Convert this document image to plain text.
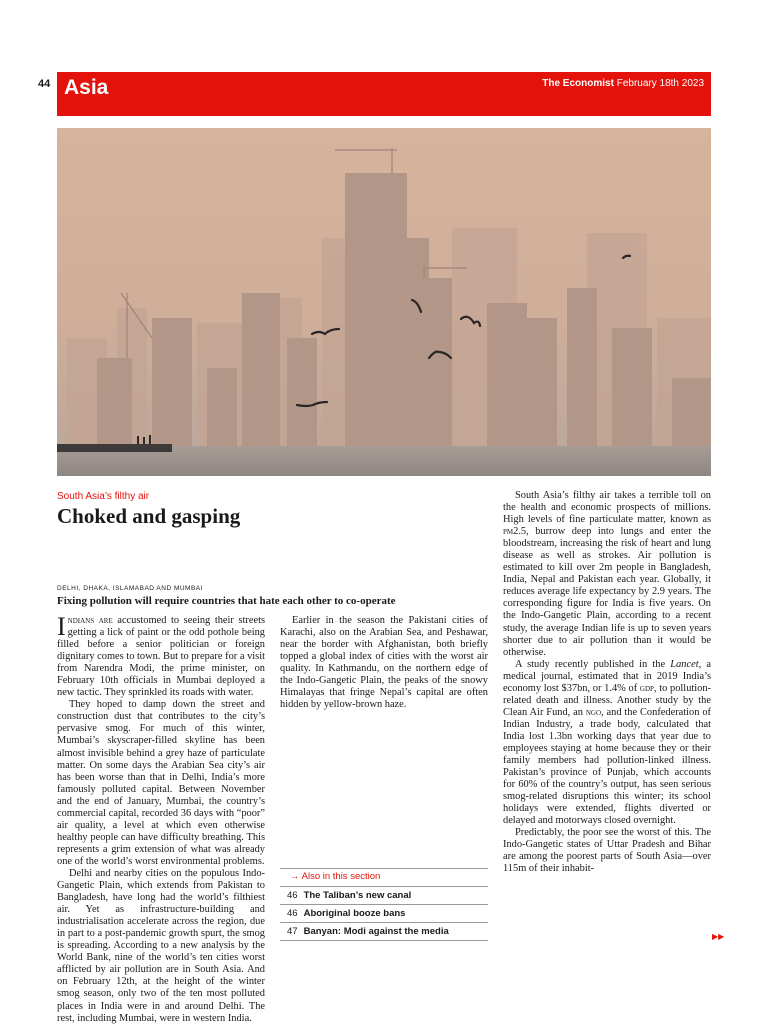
44 Asia	The Economist February 18th 2023
South Asia’s filthy air
Choked and gasping
DELHI, DHAKA, ISLAMABAD AND MUMBAI
Fixing pollution will require countries that hate each other to co-operate

Indians are accustomed to seeing their streets getting a lick of paint or the odd pothole being filled before a senior politician or foreign dignitary comes to town. But to prepare for a visit from Narendra Modi, the prime minister, on February 10th officials in Mumbai deployed a new tactic. They sprinkled its roads with water.

They hoped to damp down the street and construction dust that contributes to the city’s pervasive smog. For much of this winter, Mumbai’s skyscraper-filled skyline has been almost invisible behind a grey haze of particulate matter. On some days the Arabian Sea city’s air has been worse than that in Delhi, India’s more famously polluted capital. Between November and the end of January, Mumbai, the country’s commercial capital, recorded 36 days with “poor” air quality, a level at which even otherwise healthy people can have difficulty breathing. This represents a grim extension of what was already one of the world’s worst environmental problems.

Delhi and nearby cities on the populous Indo-Gangetic Plain, which extends from Pakistan to Bangladesh, have long had the world’s filthiest air. Yet as infrastructure-building and industrialisation accelerate across the region, due in part to a post-pandemic growth spurt, the smog is spreading. According to a new analysis by the World Bank, nine of the world’s ten cities worst afflicted by air pollution are in South Asia. And on February 12th, at the height of the winter smog season, only two of the ten most polluted places in India were in and around Delhi. The rest, including Mumbai, were in western India.

Earlier in the season the Pakistani cities of Karachi, also on the Arabian Sea, and Peshawar, near the border with Afghanistan, both briefly topped a global index of cities with the worst air quality. In Kathmandu, on the northern edge of the Indo-Gangetic Plain, the peaks of the snowy Himalayas that fringe Nepal’s capital are often hidden by yellow-brown haze.

South Asia’s filthy air takes a terrible toll on the health and economic prospects of millions. High levels of fine particulate matter, known as pm2.5, burrow deep into lungs and enter the bloodstream, increasing the risk of heart and lung disease as well as strokes. Air pollution is estimated to kill over 2m people in Bangladesh, India, Nepal and Pakistan each year. Globally, it reduces average life expectancy by 2.9 years. The corresponding figure for India is five years. On the Indo-Gangetic Plain, according to a recent study, the average Indian life is up to seven years shorter due to air pollution than it would be otherwise.

A study recently published in the Lancet, a medical journal, estimated that in 2019 India’s economy lost $37bn, or 1.4% of gdp, to pollution-related death and illness. Another study by the Clean Air Fund, an ngo, and the Confederation of Indian Industry, a trade body, calculated that India lost 1.3bn working days that year due to employees staying at home because they or their family members had pollution-linked illness. Pakistan’s province of Punjab, which accounts for 60% of the country’s output, has seen serious smog-related disruptions this winter; its school holidays were extended, flights diverted or delayed and motorways closed overnight.

Predictably, the poor see the worst of this. The Indo-Gangetic states of Uttar Pradesh and Bihar are among the poorest parts of South Asia—over 115m of their inhabit-

→ Also in this section
46 The Taliban’s new canal
46 Aboriginal booze bans
47 Banyan: Modi against the media	▶▶
